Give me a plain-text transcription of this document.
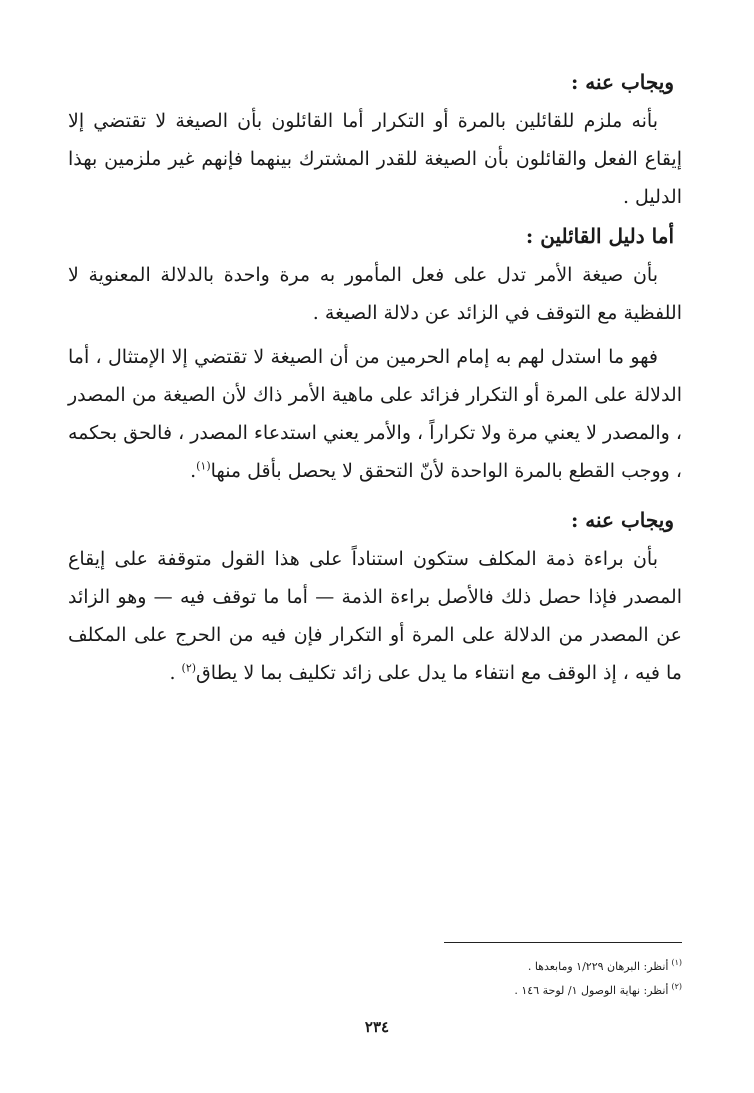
ويجاب عنه :

بأنه ملزم للقائلين بالمرة أو التكرار أما القائلون بأن الصيغة لا تقتضي إلا إيقاع الفعل والقائلون بأن الصيغة للقدر المشترك بينهما فإنهم غير ملزمين بهذا الدليل .

أما دليل القائلين :

بأن صيغة الأمر تدل على فعل المأمور به مرة واحدة بالدلالة المعنوية لا اللفظية مع التوقف في الزائد عن دلالة الصيغة .

فهو ما استدل لهم به إمام الحرمين من أن الصيغة لا تقتضي إلا الإمتثال ، أما الدلالة على المرة أو التكرار فزائد على ماهية الأمر ذاك لأن الصيغة من المصدر ، والمصدر لا يعني مرة ولا تكراراً ، والأمر يعني استدعاء المصدر ، فالحق بحكمه ، ووجب القطع بالمرة الواحدة لأنّ التحقق لا يحصل بأقل منها$^{(١)}$.

ويجاب عنه :

بأن براءة ذمة المكلف ستكون استناداً على هذا القول متوقفة على إيقاع المصدر فإذا حصل ذلك فالأصل براءة الذمة — أما ما توقف فيه — وهو الزائد عن المصدر من الدلالة على المرة أو التكرار فإن فيه من الحرج على المكلف ما فيه ، إذ الوقف مع انتفاء ما يدل على زائد تكليف بما لا يطاق$^{(٢)}$ .

$^{(١)}$أنظر: البرهان ١/٢٢٩ ومابعدها .

$^{(٢)}$أنظر: نهاية الوصول ١/ لوحة ١٤٦ .

٢٣٤
